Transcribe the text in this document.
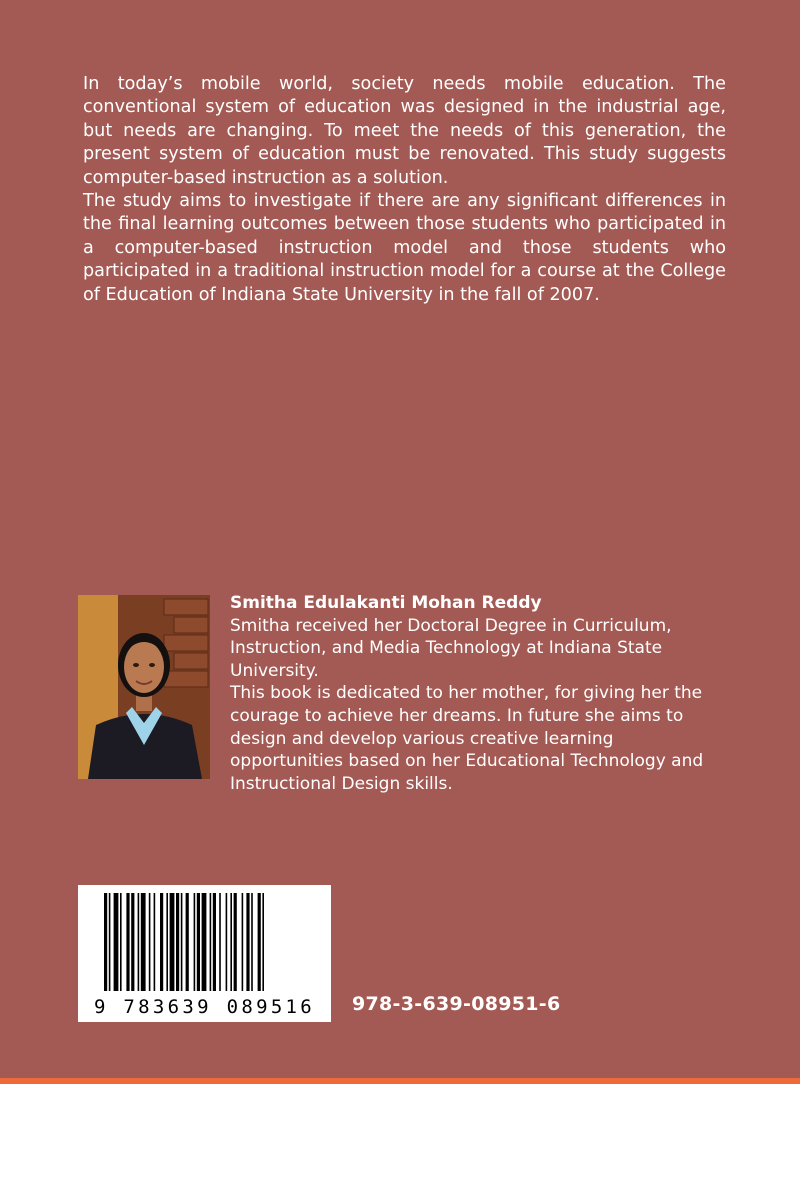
In today’s mobile world, society needs mobile education. The conventional system of education was designed in the industrial age, but needs are changing. To meet the needs of this generation, the present system of education must be renovated. This study suggests computer-based instruction as a solution.

The study aims to investigate if there are any significant differences in the final learning outcomes between those students who participated in a computer-based instruction model and those students who participated in a traditional instruction model for a course at the College of Education of Indiana State University in the fall of 2007.

Smitha Edulakanti Mohan Reddy

Smitha received her Doctoral Degree in Curriculum, Instruction, and Media Technology at Indiana State University.

This book is dedicated to her mother, for giving her the courage to achieve her dreams. In future she aims to design and develop various creative learning opportunities based on her Educational Technology and Instructional Design skills.

9 783639 089516	978-3-639-08951-6
